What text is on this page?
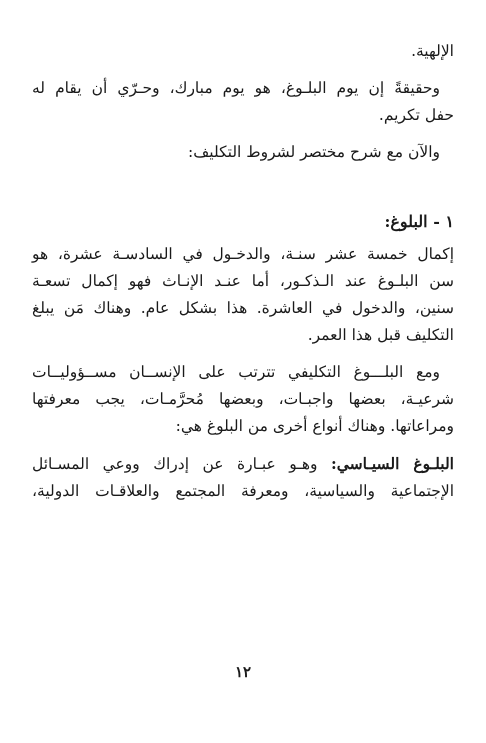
الإلهية.
وحقيقةً إن يوم البلـوغ، هو يوم مبارك، وحـرّي أن يقام له
حفل تكريم.
والآن مع شرح مختصر لشروط التكليف:
١ - البلوغ:
إكمال خمسة عشر سنـة، والدخـول في السادسـة عشرة، هو
سن البلـوغ عند الـذكـور، أما عنـد الإنـاث فهو إكمال تسعـة
سنين، والدخول في العاشرة. هذا بشكل عام. وهناك مَن يبلغ
التكليف قبل هذا العمر.
ومع البلـــوغ التكليفي تترتب على الإنســان مســؤوليــات
شرعيـة، بعضها واجبـات، وبعضها مُحرَّمـات، يجب معرفتها
ومراعاتها. وهناك أنواع أخرى من البلوغ هي:
البلـوغ السيـاسي: وهـو عبـارة عن إدراك ووعي المسـائل
الإجتماعية والسياسية، ومعرفة المجتمع والعلاقـات الدولية،
١٢
